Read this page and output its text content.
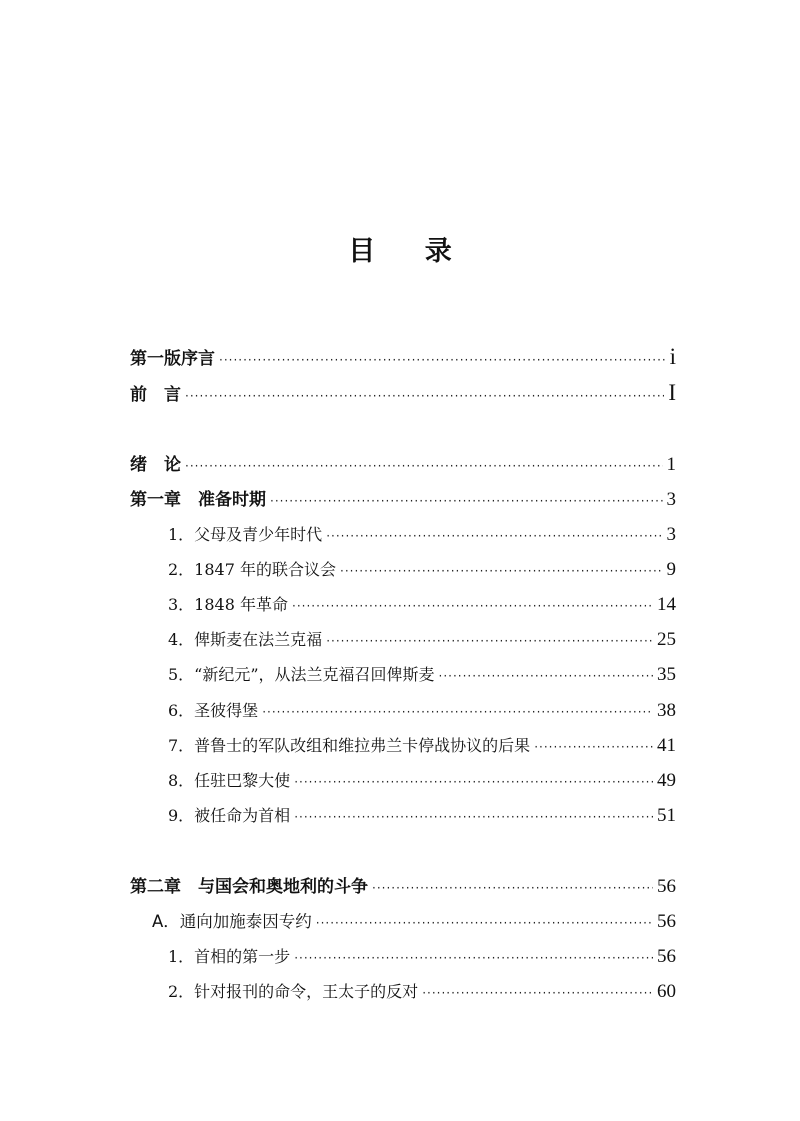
目 录
第一版序言 ·····	i
前　言 ·····	I
绪　论 ·····	1
第一章　准备时期 ·····	3
1．父母及青少年时代 ·····	3
2．1847 年的联合议会 ·····	9
3．1848 年革命 ·····	14
4．俾斯麦在法兰克福 ·····	25
5．“新纪元”，从法兰克福召回俾斯麦 ·····	35
6．圣彼得堡 ·····	38
7．普鲁士的军队改组和维拉弗兰卡停战协议的后果 ·····	41
8．任驻巴黎大使 ·····	49
9．被任命为首相 ·····	51
第二章　与国会和奥地利的斗争 ·····	56
A．通向加施泰因专约 ·····	56
1．首相的第一步 ·····	56
2．针对报刊的命令，王太子的反对 ·····	60
